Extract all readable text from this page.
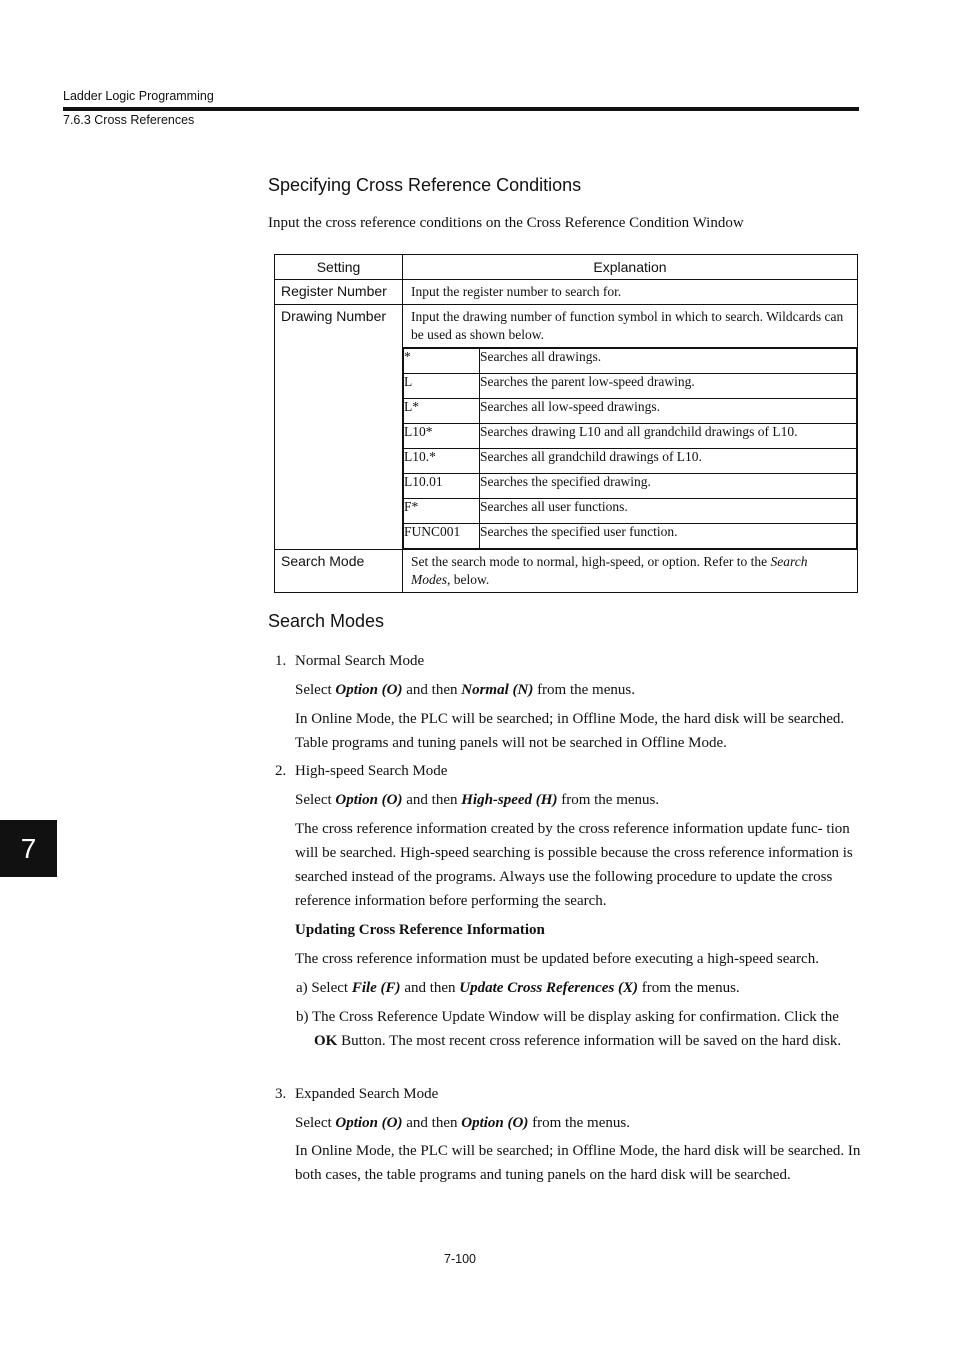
Ladder Logic Programming
7.6.3 Cross References
Specifying Cross Reference Conditions
Input the cross reference conditions on the Cross Reference Condition Window
Setting	Explanation
Register Number	Input the register number to search for.
Drawing Number	Input the drawing number of function symbol in which to search. Wildcards can be used as shown below.
*	Searches all drawings.
L	Searches the parent low-speed drawing.
L*	Searches all low-speed drawings.
L10*	Searches drawing L10 and all grandchild drawings of L10.
L10.*	Searches all grandchild drawings of L10.
L10.01	Searches the specified drawing.
F*	Searches all user functions.
FUNC001	Searches the specified user function.

Search Mode	Set the search mode to normal, high-speed, or option. Refer to the Search Modes, below.
Search Modes
1. Normal Search Mode
Select Option (O) and then Normal (N) from the menus.
In Online Mode, the PLC will be searched; in Offline Mode, the hard disk will be searched. Table programs and tuning panels will not be searched in Offline Mode.
2. High-speed Search Mode
Select Option (O) and then High-speed (H) from the menus.
The cross reference information created by the cross reference information update func- tion will be searched. High-speed searching is possible because the cross reference information is searched instead of the programs. Always use the following procedure to update the cross reference information before performing the search.
Updating Cross Reference Information
The cross reference information must be updated before executing a high-speed search.
a) Select File (F) and then Update Cross References (X) from the menus.
b) The Cross Reference Update Window will be display asking for confirmation. Click the OK Button. The most recent cross reference information will be saved on the hard disk.
3. Expanded Search Mode
Select Option (O) and then Option (O) from the menus.
In Online Mode, the PLC will be searched; in Offline Mode, the hard disk will be searched. In both cases, the table programs and tuning panels on the hard disk will be searched.
7
7-100
